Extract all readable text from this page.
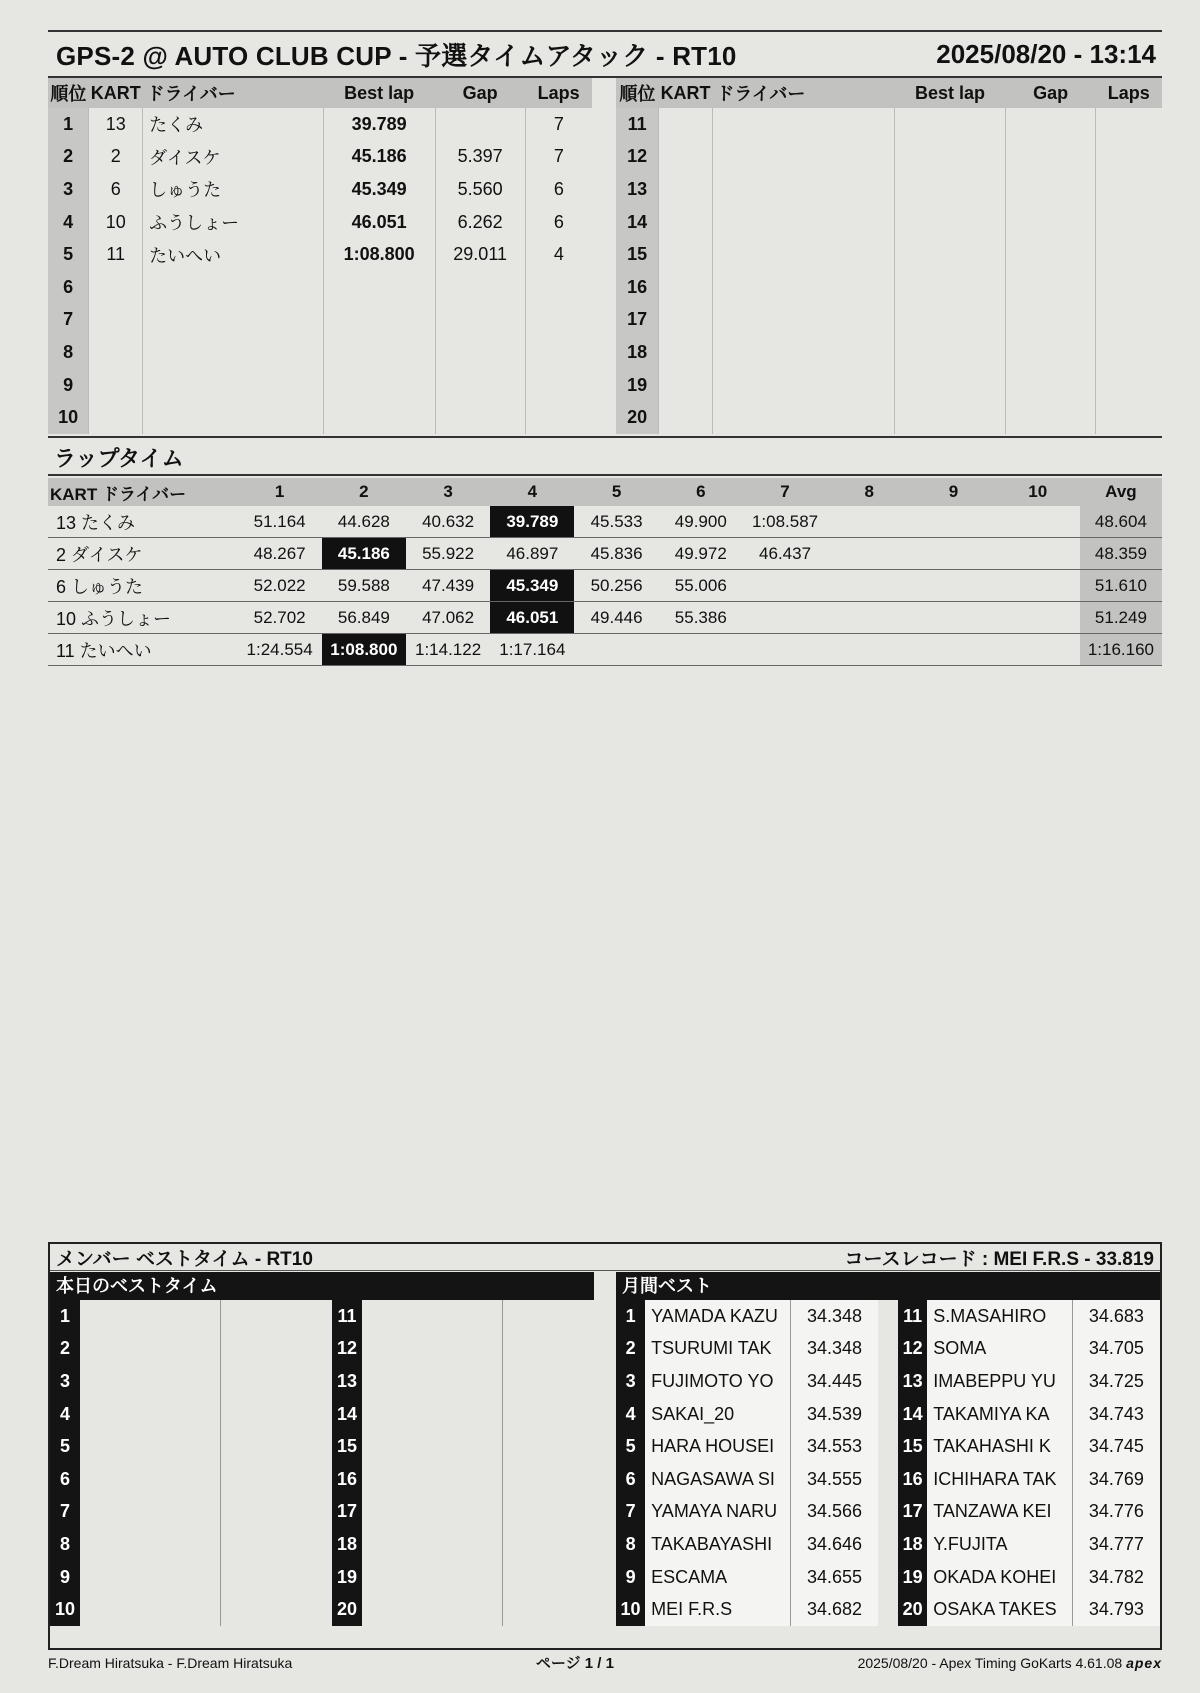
GPS-2 @ AUTO CLUB CUP - 予選タイムアタック - RT10	2025/08/20 - 13:14
順位	KART	ドライバー	Best lap	Gap	Laps
1	13	たくみ	39.789		7
2	2	ダイスケ	45.186	5.397	7
3	6	しゅうた	45.349	5.560	6
4	10	ふうしょー	46.051	6.262	6
5	11	たいへい	1:08.800	29.011	4
6					
7					
8					
9					
10					
順位	KART	ドライバー	Best lap	Gap	Laps
11					
12					
13					
14					
15					
16					
17					
18					
19					
20					
ラップタイム
KART ドライバー	1	2	3	4	5	6	7	8	9	10	Avg
13 たくみ	51.164	44.628	40.632	39.789	45.533	49.900	1:08.587				48.604
2 ダイスケ	48.267	45.186	55.922	46.897	45.836	49.972	46.437				48.359
6 しゅうた	52.022	59.588	47.439	45.349	50.256	55.006					51.610
10 ふうしょー	52.702	56.849	47.062	46.051	49.446	55.386					51.249
11 たいへい	1:24.554	1:08.800	1:14.122	1:17.164							1:16.160
メンバー ベストタイム - RT10	コースレコード : MEI F.R.S - 33.819
本日のベストタイム	月間ベスト
1		
2		
3		
4		
5		
6		
7		
8		
9		
10		
11		
12		
13		
14		
15		
16		
17		
18		
19		
20		
1	YAMADA KAZU	34.348
2	TSURUMI TAK	34.348
3	FUJIMOTO YO	34.445
4	SAKAI_20	34.539
5	HARA HOUSEI	34.553
6	NAGASAWA SI	34.555
7	YAMAYA NARU	34.566
8	TAKABAYASHI	34.646
9	ESCAMA	34.655
10	MEI F.R.S	34.682
11	S.MASAHIRO	34.683
12	SOMA	34.705
13	IMABEPPU YU	34.725
14	TAKAMIYA KA	34.743
15	TAKAHASHI K	34.745
16	ICHIHARA TAK	34.769
17	TANZAWA KEI	34.776
18	Y.FUJITA	34.777
19	OKADA KOHEI	34.782
20	OSAKA TAKES	34.793
F.Dream Hiratsuka - F.Dream Hiratsuka	ページ 1 / 1	2025/08/20 - Apex Timing GoKarts 4.61.08 apex
